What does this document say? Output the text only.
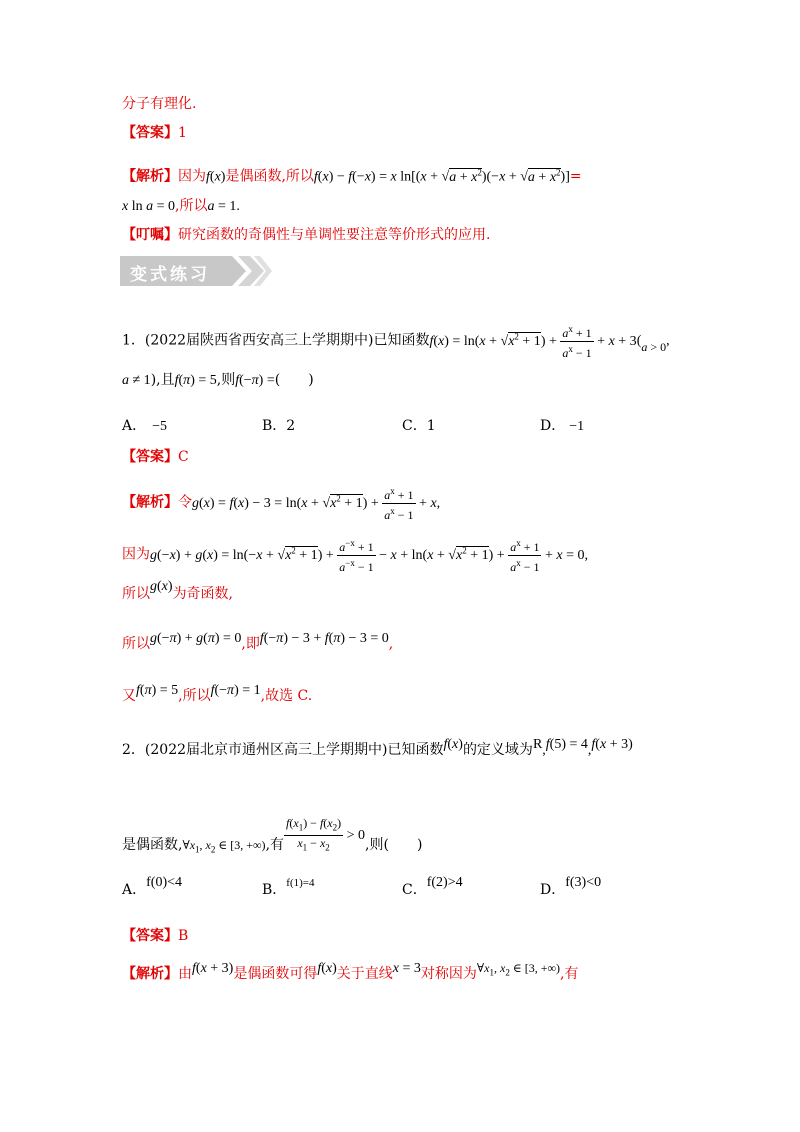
分子有理化.
【答案】1
【解析】因为f(x)是偶函数,所以f(x) − f(−x) = x $\ln[(x + √a + x^2)(-x + √a + x^2)]=$
x ln a = 0,所以a = 1.
【叮嘱】研究函数的奇偶性与单调性要注意等价形式的应用.
变式练习
1．(2022届陕西省西安高三上学期期中)已知函数$f(x) = \ln(x + √x^2 + 1) + \frac{a^x + 1}{a^x - 1} + x + 3(a > 0$,
a ≠ 1),且f(π) = 5,则f(−π) =(　　)
A． −5	B．2	C．1	D． −1
【答案】C
【解析】令$g(x) = f(x) - 3 = \ln(x + √x^2 + 1) + \frac{a^x + 1}{a^x - 1} + x$,
因为$g(-x) + g(x) = \ln(-x + √x^2 + 1) + \frac{a^{-x} + 1}{a^{-x} - 1} - x + \ln(x + √x^2 + 1) + \frac{a^x + 1}{a^x - 1} + x = 0$,
所以g(x)为奇函数,
所以g(−π) + g(π) = 0,即f(−π) − 3 + f(π) − 3 = 0,
又f(π) = 5,所以f(−π) = 1,故选 C.
2．(2022届北京市通州区高三上学期期中)已知函数f(x)的定义域为R,f(5) = 4,f(x + 3)
是偶函数$,\forall x_1$, $x_2$ ∈ [3, +∞),有 $\frac{f(x_1) - f(x_2)}{x_1 - x_2} > 0$,则(　　)
A．f(0)<4	B．$^{f(1)=4}$	C．f(2)>4	D．f(3)<0
【答案】B
【解析】由f(x + 3)是偶函数可得f(x)关于直线x = 3对称因为$\forall x_1$, $x_2$ ∈ [3, +∞),有
